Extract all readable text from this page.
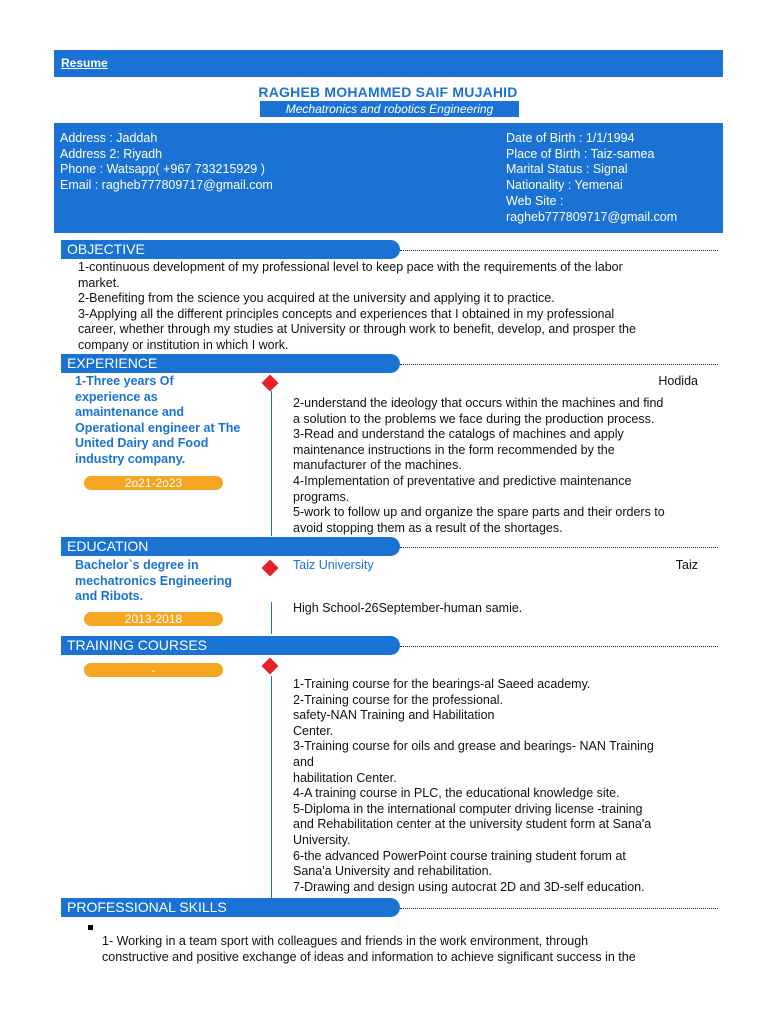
Resume
RAGHEB MOHAMMED SAIF MUJAHID
Mechatronics and robotics Engineering
Address : Jaddah
Address 2: Riyadh
Phone : Watsapp( +967 733215929 )
Email : ragheb777809717@gmail.com
Date of Birth : 1/1/1994
Place of Birth : Taiz-samea
Marital Status : Signal
Nationality : Yemenai
Web Site :
ragheb777809717@gmail.com
OBJECTIVE
1-continuous development of my professional level to keep pace with the requirements of the labor
market.
2-Benefiting from the science you acquired at the university and applying it to practice.
3-Applying all the different principles concepts and experiences that I obtained in my professional
career, whether through my studies at University or through work to benefit, develop, and prosper the
company or institution in which I work.
EXPERIENCE
1-Three years Of
experience as
amaintenance and
Operational engineer at The
United Dairy and Food
industry company.
2o21-2o23
Hodida
2-understand the ideology that occurs within the machines and find
a solution to the problems we face during the production process.
3-Read and understand the catalogs of machines and apply
maintenance instructions in the form recommended by the
manufacturer of the machines.
4-Implementation of preventative and predictive maintenance
programs.
5-work to follow up and organize the spare parts and their orders to
avoid stopping them as a result of the shortages.
EDUCATION
Bachelor`s degree in
mechatronics Engineering
and Ribots.
2013-2018
Taiz University	Taiz
High School-26September-human samie.
TRAINING COURSES
-
1-Training course for the bearings-al Saeed academy.
2-Training course for the professional.
safety-NAN Training and Habilitation
Center.
3-Training course for oils and grease and bearings- NAN Training
and
habilitation Center.
4-A training course in PLC, the educational knowledge site.
5-Diploma in the international computer driving license -training
and Rehabilitation center at the university student form at Sana'a
University.
6-the advanced PowerPoint course training student forum at
Sana'a University and rehabilitation.
7-Drawing and design using autocrat 2D and 3D-self education.
PROFESSIONAL SKILLS
1- Working in a team sport with colleagues and friends in the work environment, through
constructive and positive exchange of ideas and information to achieve significant success in the
